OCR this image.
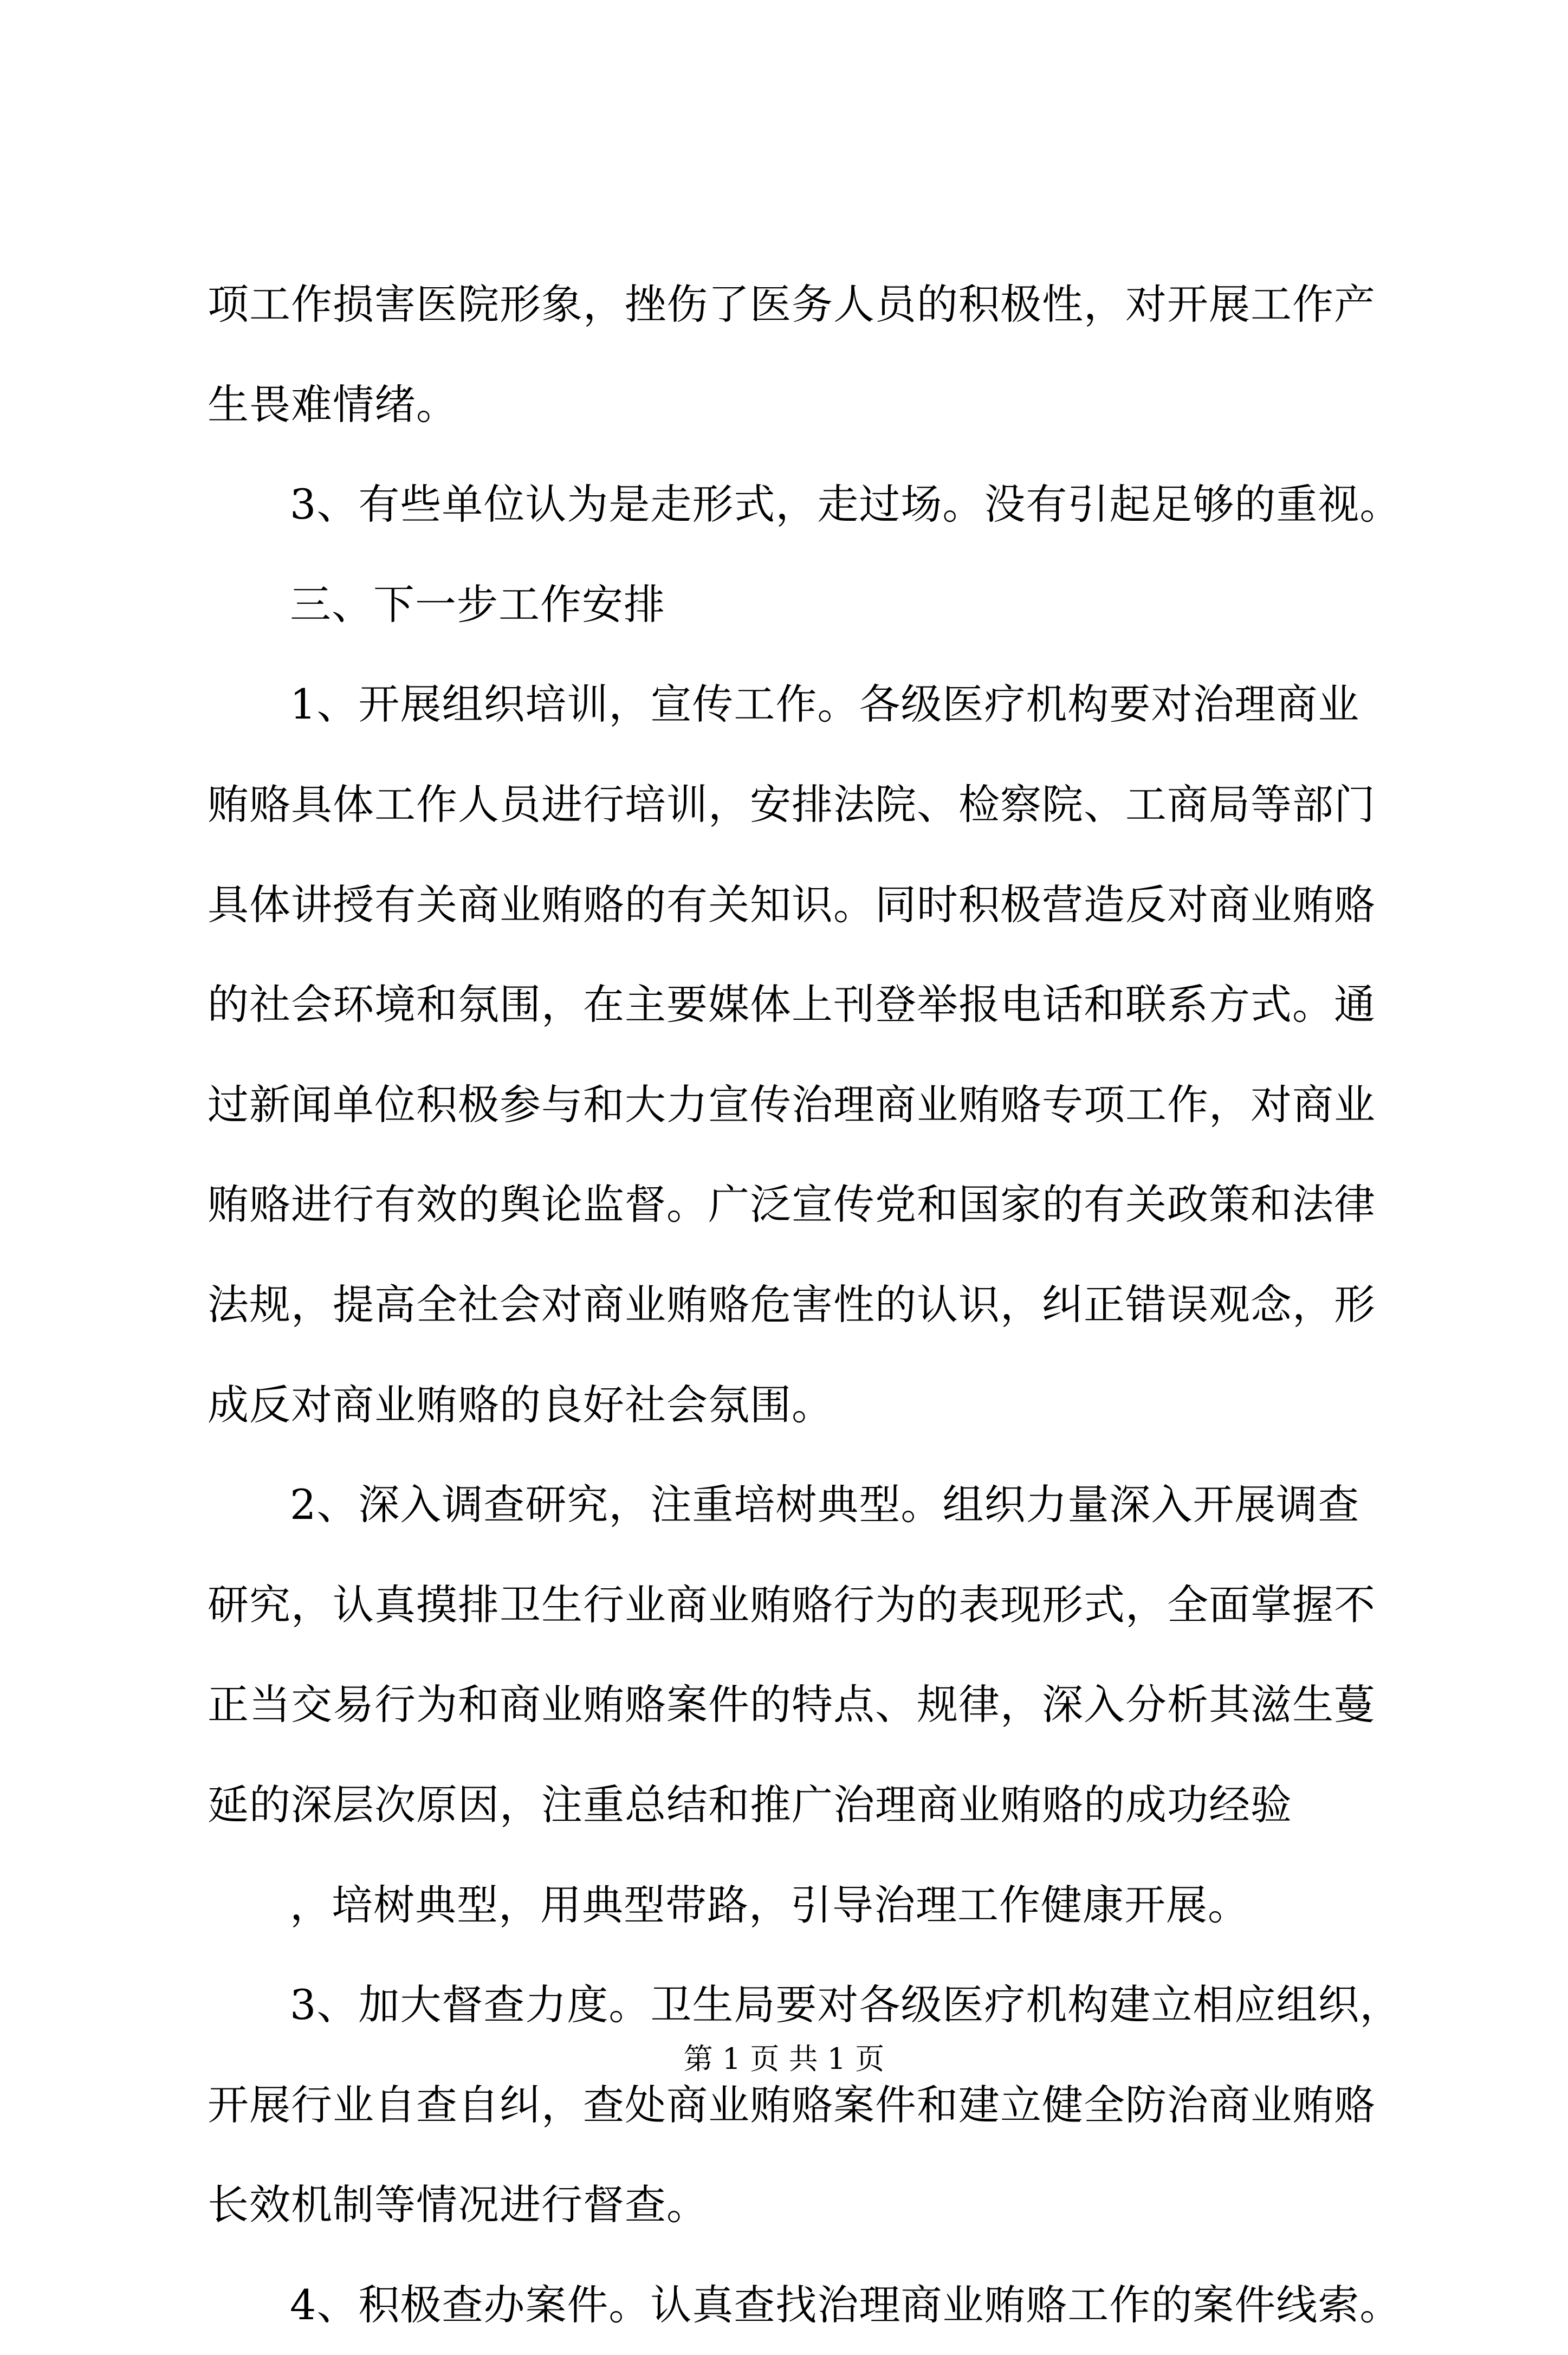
项工作损害医院形象，挫伤了医务人员的积极性，对开展工作产
生畏难情绪。
3、有些单位认为是走形式，走过场。没有引起足够的重视。
三、下一步工作安排
1、开展组织培训，宣传工作。各级医疗机构要对治理商业
贿赂具体工作人员进行培训，安排法院、检察院、工商局等部门
具体讲授有关商业贿赂的有关知识。同时积极营造反对商业贿赂
的社会环境和氛围，在主要媒体上刊登举报电话和联系方式。通
过新闻单位积极参与和大力宣传治理商业贿赂专项工作，对商业
贿赂进行有效的舆论监督。广泛宣传党和国家的有关政策和法律
法规，提高全社会对商业贿赂危害性的认识，纠正错误观念，形
成反对商业贿赂的良好社会氛围。
2、深入调查研究，注重培树典型。组织力量深入开展调查
研究，认真摸排卫生行业商业贿赂行为的表现形式，全面掌握不
正当交易行为和商业贿赂案件的特点、规律，深入分析其滋生蔓
延的深层次原因，注重总结和推广治理商业贿赂的成功经验
，培树典型，用典型带路，引导治理工作健康开展。
3、加大督查力度。卫生局要对各级医疗机构建立相应组织，
开展行业自查自纠，查处商业贿赂案件和建立健全防治商业贿赂
长效机制等情况进行督查。
4、积极查办案件。认真查找治理商业贿赂工作的案件线索。
第 1 页 共 1 页
